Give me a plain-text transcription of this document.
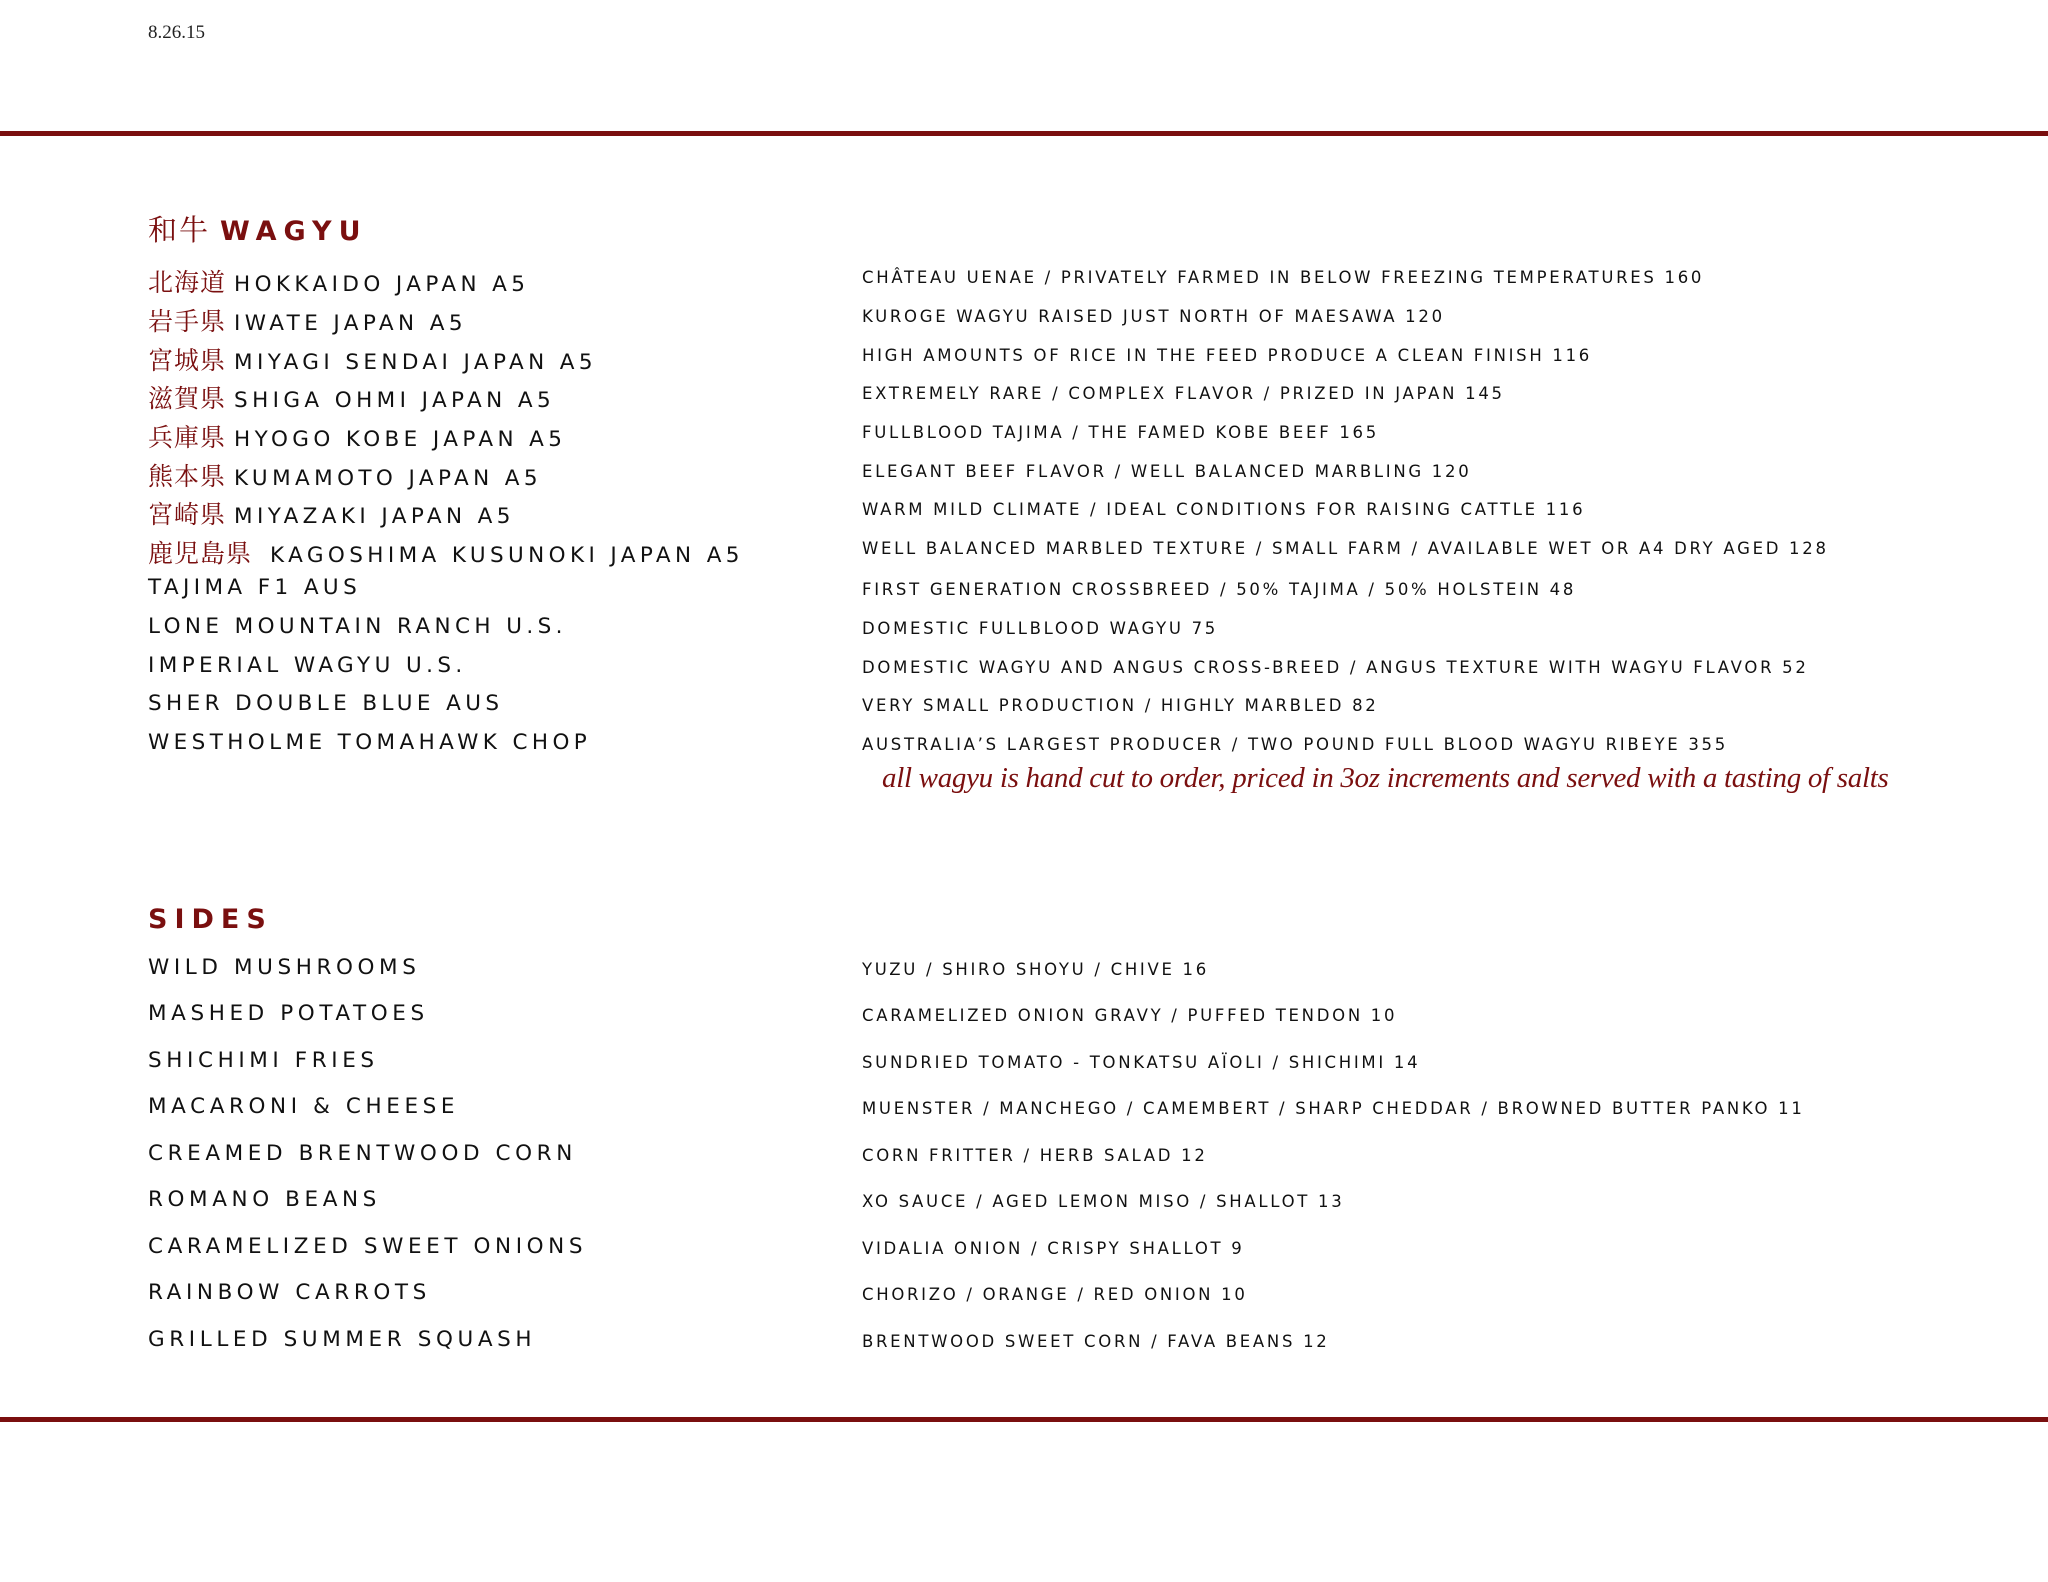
8.26.15
和牛 WAGYU
北海道 HOKKAIDO JAPAN A5	CHÂTEAU UENAE / PRIVATELY FARMED IN BELOW FREEZING TEMPERATURES 160
岩手県 IWATE JAPAN A5	KUROGE WAGYU RAISED JUST NORTH OF MAESAWA 120
宮城県 MIYAGI SENDAI JAPAN A5	HIGH AMOUNTS OF RICE IN THE FEED PRODUCE A CLEAN FINISH 116
滋賀県 SHIGA OHMI JAPAN A5	EXTREMELY RARE / COMPLEX FLAVOR / PRIZED IN JAPAN 145
兵庫県 HYOGO KOBE JAPAN A5	FULLBLOOD TAJIMA / THE FAMED KOBE BEEF 165
熊本県 KUMAMOTO JAPAN A5	ELEGANT BEEF FLAVOR / WELL BALANCED MARBLING 120
宮崎県 MIYAZAKI JAPAN A5	WARM MILD CLIMATE / IDEAL CONDITIONS FOR RAISING CATTLE 116
鹿児島県 KAGOSHIMA KUSUNOKI JAPAN A5	WELL BALANCED MARBLED TEXTURE / SMALL FARM / AVAILABLE WET OR A4 DRY AGED 128
TAJIMA F1 AUS	FIRST GENERATION CROSSBREED / 50% TAJIMA / 50% HOLSTEIN 48
LONE MOUNTAIN RANCH U.S.	DOMESTIC FULLBLOOD WAGYU 75
IMPERIAL WAGYU U.S.	DOMESTIC WAGYU AND ANGUS CROSS-BREED / ANGUS TEXTURE WITH WAGYU FLAVOR 52
SHER DOUBLE BLUE AUS	VERY SMALL PRODUCTION / HIGHLY MARBLED 82
WESTHOLME TOMAHAWK CHOP	AUSTRALIA’S LARGEST PRODUCER / TWO POUND FULL BLOOD WAGYU RIBEYE 355
all wagyu is hand cut to order, priced in 3oz increments and served with a tasting of salts
SIDES
WILD MUSHROOMS	YUZU / SHIRO SHOYU / CHIVE 16
MASHED POTATOES	CARAMELIZED ONION GRAVY / PUFFED TENDON 10
SHICHIMI FRIES	SUNDRIED TOMATO - TONKATSU AÏOLI / SHICHIMI 14
MACARONI & CHEESE	MUENSTER / MANCHEGO / CAMEMBERT / SHARP CHEDDAR / BROWNED BUTTER PANKO 11
CREAMED BRENTWOOD CORN	CORN FRITTER / HERB SALAD 12
ROMANO BEANS	XO SAUCE / AGED LEMON MISO / SHALLOT 13
CARAMELIZED SWEET ONIONS	VIDALIA ONION / CRISPY SHALLOT 9
RAINBOW CARROTS	CHORIZO / ORANGE / RED ONION 10
GRILLED SUMMER SQUASH	BRENTWOOD SWEET CORN / FAVA BEANS 12
